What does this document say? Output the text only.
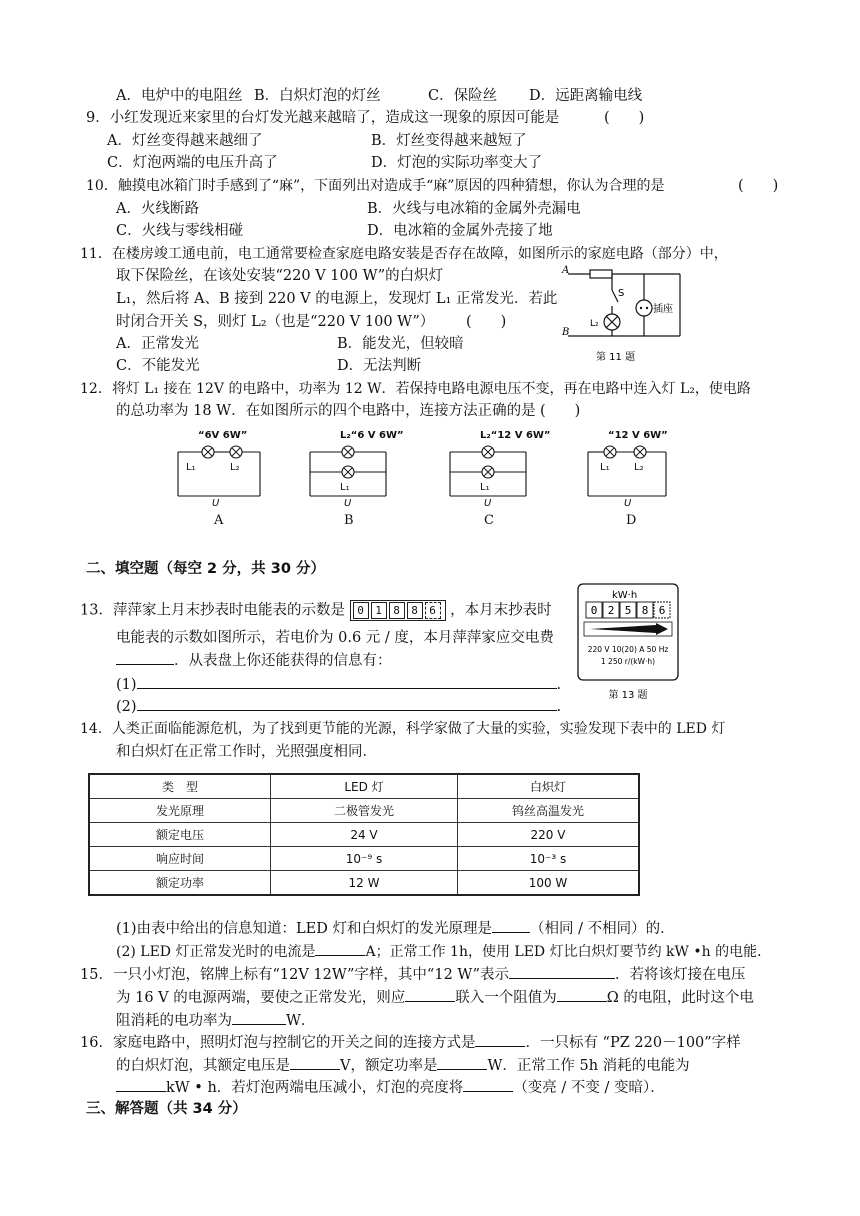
A．电炉中的电阻丝 B．白炽灯泡的灯丝	C．保险丝 D．远距离输电线
9．小红发现近来家里的台灯发光越来越暗了，造成这一现象的原因可能是	(　　)
A．灯丝变得越来越细了	B．灯丝变得越来越短了
C．灯泡两端的电压升高了	D．灯泡的实际功率变大了
10．触摸电冰箱门时手感到了“麻”，下面列出对造成手“麻”原因的四种猜想，你认为合理的是	(　　)
A．火线断路	B．火线与电冰箱的金属外壳漏电
C．火线与零线相碰	D．电冰箱的金属外壳接了地
11．在楼房竣工通电前，电工通常要检查家庭电路安装是否存在故障，如图所示的家庭电路（部分）中，
取下保险丝，在该处安装“220 V 100 W”的白炽灯
L₁，然后将 A、B 接到 220 V 的电源上，发现灯 L₁ 正常发光．若此
时闭合开关 S，则灯 L₂（也是“220 V 100 W”） (　　)
A．正常发光	B．能发光，但较暗
C．不能发光	D．无法判断
A
B
S
L₂
插座
第 11 题
12．将灯 L₁ 接在 12V 的电路中，功率为 12 W．若保持电路电源电压不变，再在电路中连入灯 L₂，使电路
的总功率为 18 W．在如图所示的四个电路中，连接方法正确的是 (　　)
“6V 6W”
L₁	L₂
U
A
L₂“6 V 6W”
L₁
U
B
L₂“12 V 6W”
L₁
U
C
“12 V 6W”
L₁ L₂
U
D
二、填空题（每空 2 分，共 30 分）
13．萍萍家上月末抄表时电能表的示数是 0 1 8 8 6 ，本月末抄表时
电能表的示数如图所示，若电价为 0.6 元 / 度，本月萍萍家应交电费
．从表盘上你还能获得的信息有：
(1)	.
(2)	.
kW·h
0 2 5 8 6
220 V 10(20) A 50 Hz
1 250 r/(kW·h)
第 13 题
14．人类正面临能源危机，为了找到更节能的光源，科学家做了大量的实验，实验发现下表中的 LED 灯
和白炽灯在正常工作时，光照强度相同．
类　型	LED 灯	白炽灯
发光原理	二极管发光	钨丝高温发光
额定电压	24 V	220 V
响应时间	10⁻⁹ s	10⁻³ s
额定功率	12 W	100 W
(1)由表中给出的信息知道：LED 灯和白炽灯的发光原理是	（相同 / 不相同）的．
(2) LED 灯正常发光时的电流是	A；正常工作 1h，使用 LED 灯比白炽灯要节约 kW •h 的电能．
15．一只小灯泡，铭牌上标有“12V 12W”字样，其中“12 W”表示	．若将该灯接在电压
为 16 V 的电源两端，要使之正常发光，则应	联入一个阻值为	Ω 的电阻，此时这个电
阻消耗的电功率为	W．
16．家庭电路中，照明灯泡与控制它的开关之间的连接方式是	．一只标有 “PZ 220－100”字样
的白炽灯泡，其额定电压是	V，额定功率是	W．正常工作 5h 消耗的电能为
kW • h．若灯泡两端电压减小，灯泡的亮度将	（变亮 / 不变 / 变暗）．
三、解答题（共 34 分）
